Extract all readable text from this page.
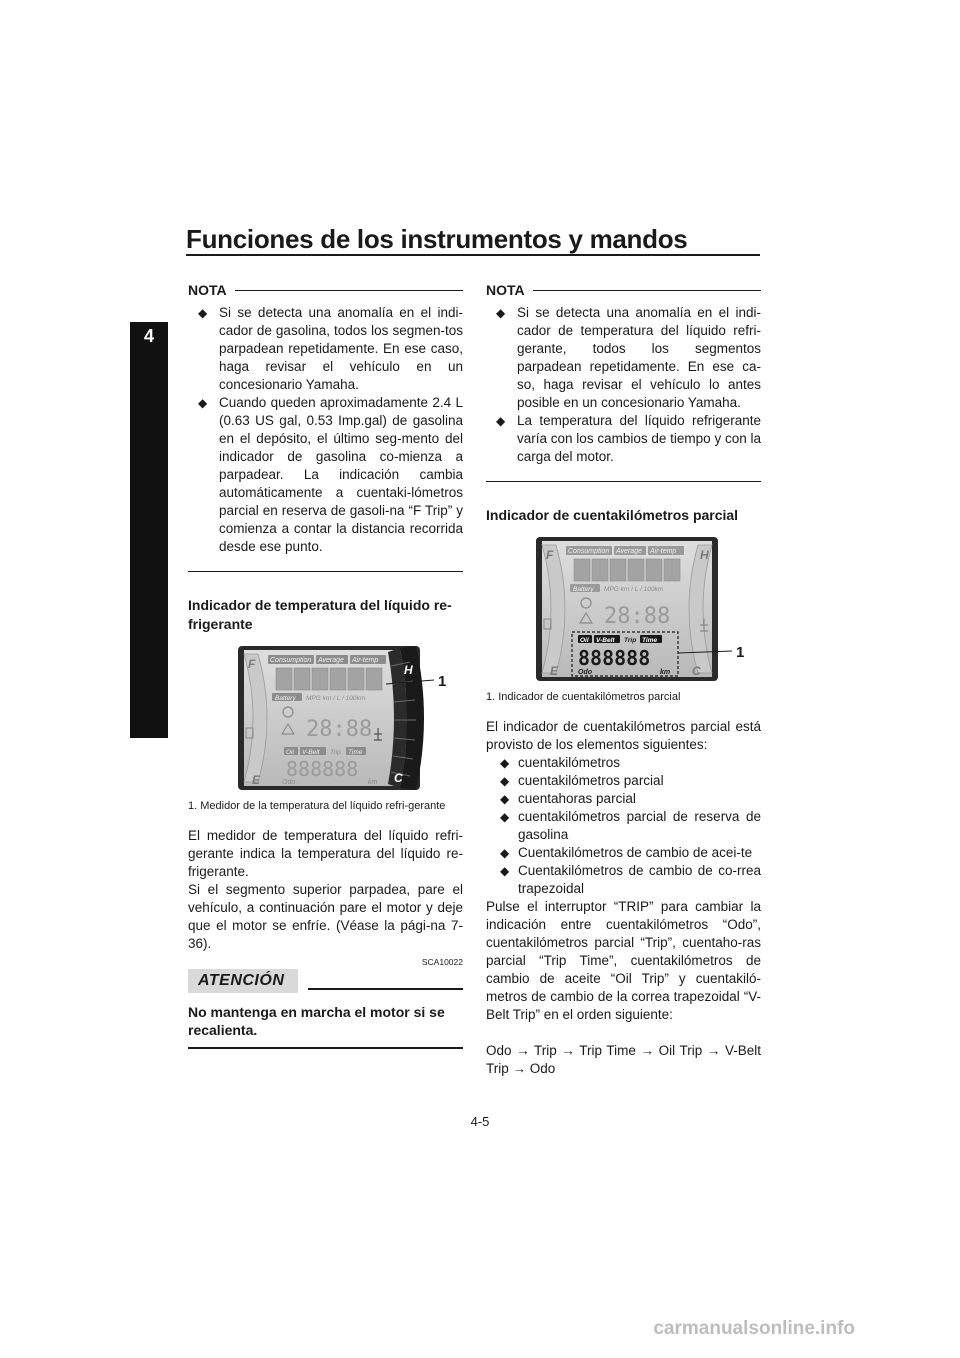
Funciones de los instrumentos y mandos
4
NOTA
◆ Si se detecta una anomalía en el indi-cador de gasolina, todos los segmen-tos parpadean repetidamente. En ese caso, haga revisar el vehículo en un concesionario Yamaha.
◆ Cuando queden aproximadamente 2.4 L (0.63 US gal, 0.53 Imp.gal) de gasolina en el depósito, el último seg-mento del indicador de gasolina co-mienza a parpadear. La indicación cambia automáticamente a cuentaki-lómetros parcial en reserva de gasoli-na “F Trip” y comienza a contar la distancia recorrida desde ese punto.
Indicador de temperatura del líquido re-frigerante
Consumption Average Air-temp
Battery MPG km / L / 100km
28:88
Oil V-Belt Trip Time
888888
Odo	km
F
E
H
C
1
1. Medidor de la temperatura del líquido refri-gerante

El medidor de temperatura del líquido refri-gerante indica la temperatura del líquido re-frigerante.

Si el segmento superior parpadea, pare el vehículo, a continuación pare el motor y deje que el motor se enfríe. (Véase la pági-na 7-36).

SCA10022
ATENCIÓN
No mantenga en marcha el motor si se recalienta.
NOTA
◆ Si se detecta una anomalía en el indi-cador de temperatura del líquido refri-gerante, todos los segmentos parpadean repetidamente. En ese ca-so, haga revisar el vehículo lo antes posible en un concesionario Yamaha.
◆ La temperatura del líquido refrigerante varía con los cambios de tiempo y con la carga del motor.
Indicador de cuentakilómetros parcial
Consumption Average Air-temp
Battery MPG km / L / 100km
28:88
Oil V-Belt Trip Time
888888
Odo	km
F
E
H
C
1
1. Indicador de cuentakilómetros parcial

El indicador de cuentakilómetros parcial está provisto de los elementos siguientes:

◆ cuentakilómetros
◆ cuentakilómetros parcial
◆ cuentahoras parcial
◆ cuentakilómetros parcial de reserva de gasolina
◆ Cuentakilómetros de cambio de acei-te
◆ Cuentakilómetros de cambio de co-rrea trapezoidal

Pulse el interruptor “TRIP” para cambiar la indicación entre cuentakilómetros “Odo”, cuentakilómetros parcial “Trip”, cuentaho-ras parcial “Trip Time”, cuentakilómetros de cambio de aceite “Oil Trip” y cuentakiló-metros de cambio de la correa trapezoidal “V-Belt Trip” en el orden siguiente:

Odo → Trip → Trip Time → Oil Trip → V-Belt Trip → Odo

4-5
carmanualsonline.info
